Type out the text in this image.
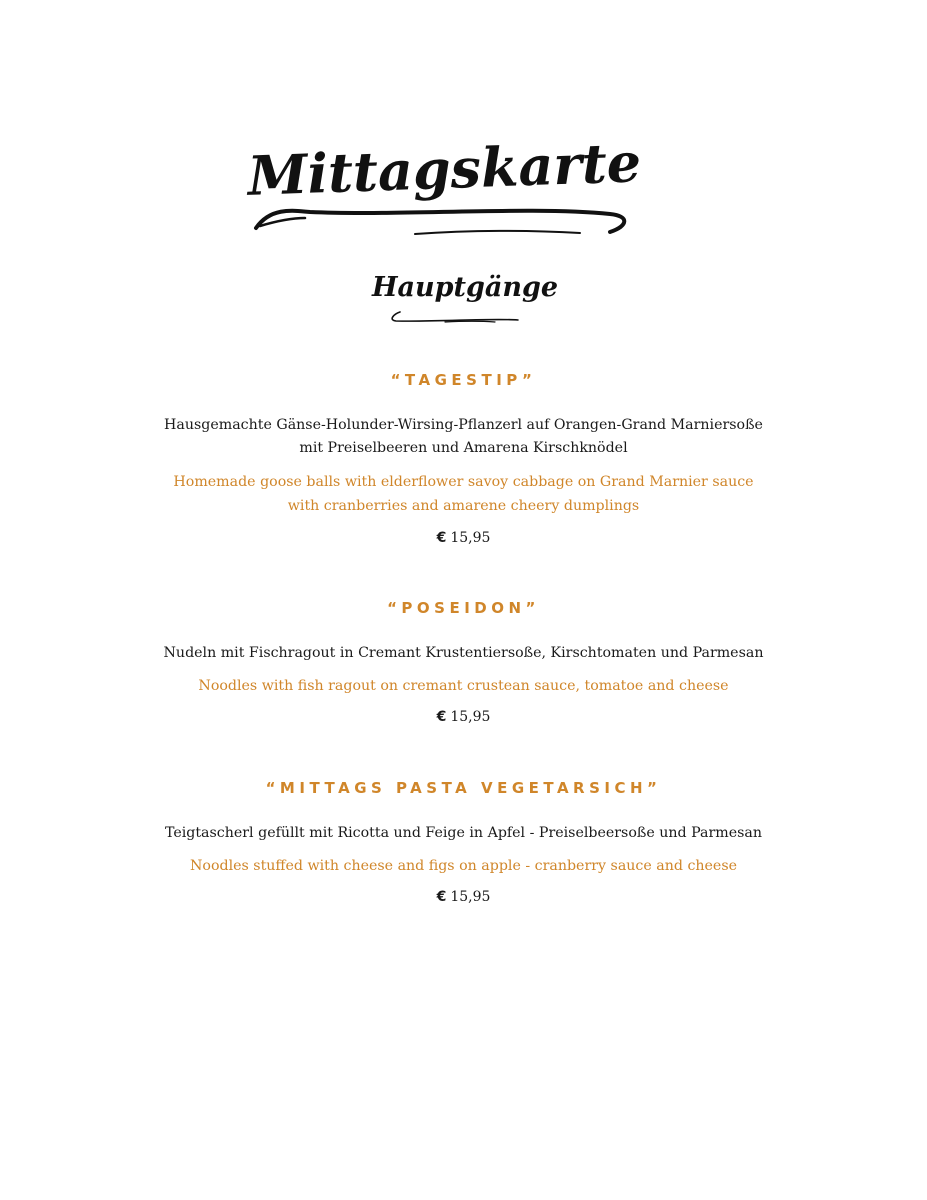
Mittagskarte
Hauptgänge

“TAGESTIP”

Hausgemachte Gänse-Holunder-Wirsing-Pflanzerl auf Orangen-Grand Marniersoße
mit Preiselbeeren und Amarena Kirschknödel

Homemade goose balls with elderflower savoy cabbage on Grand Marnier sauce
with cranberries and amarene cheery dumplings

€ 15,95

“POSEIDON”

Nudeln mit Fischragout in Cremant Krustentiersoße, Kirschtomaten und Parmesan

Noodles with fish ragout on cremant crustean sauce, tomatoe and cheese

€ 15,95

“MITTAGS PASTA VEGETARSICH”

Teigtascherl gefüllt mit Ricotta und Feige in Apfel - Preiselbeersoße und Parmesan

Noodles stuffed with cheese and figs on apple - cranberry sauce and cheese

€ 15,95
